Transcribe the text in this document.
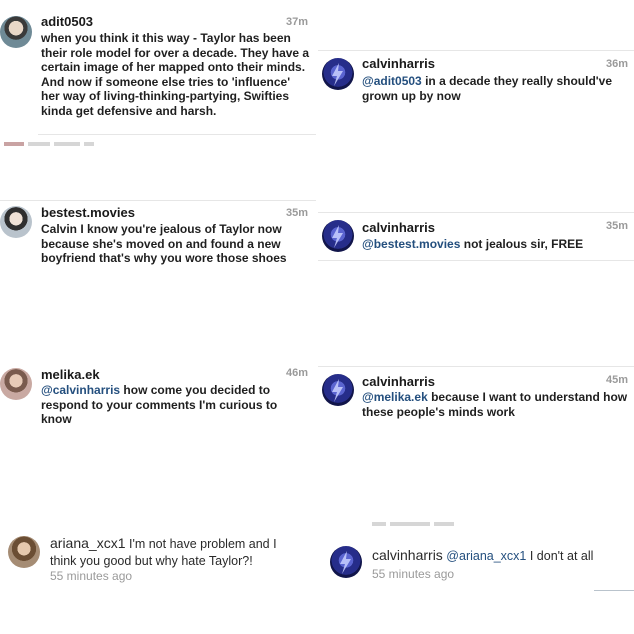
adit0503	37m
when you think it this way - Taylor has been their role model for over a decade. They have a certain image of her mapped onto their minds. And now if someone else tries to 'influence' her way of living-thinking-partying, Swifties kinda get defensive and harsh.
calvinharris	36m
@adit0503 in a decade they really should've grown up by now
bestest.movies	35m
Calvin I know you're jealous of Taylor now because she's moved on and found a new boyfriend that's why you wore those shoes
calvinharris	35m
@bestest.movies not jealous sir, FREE
melika.ek	46m
@calvinharris how come you decided to respond to your comments I'm curious to know
calvinharris	45m
@melika.ek because I want to understand how these people's minds work
ariana_xcx1 I'm not have problem and I think you good but why hate Taylor?!
55 minutes ago
calvinharris @ariana_xcx1 I don't at all
55 minutes ago
